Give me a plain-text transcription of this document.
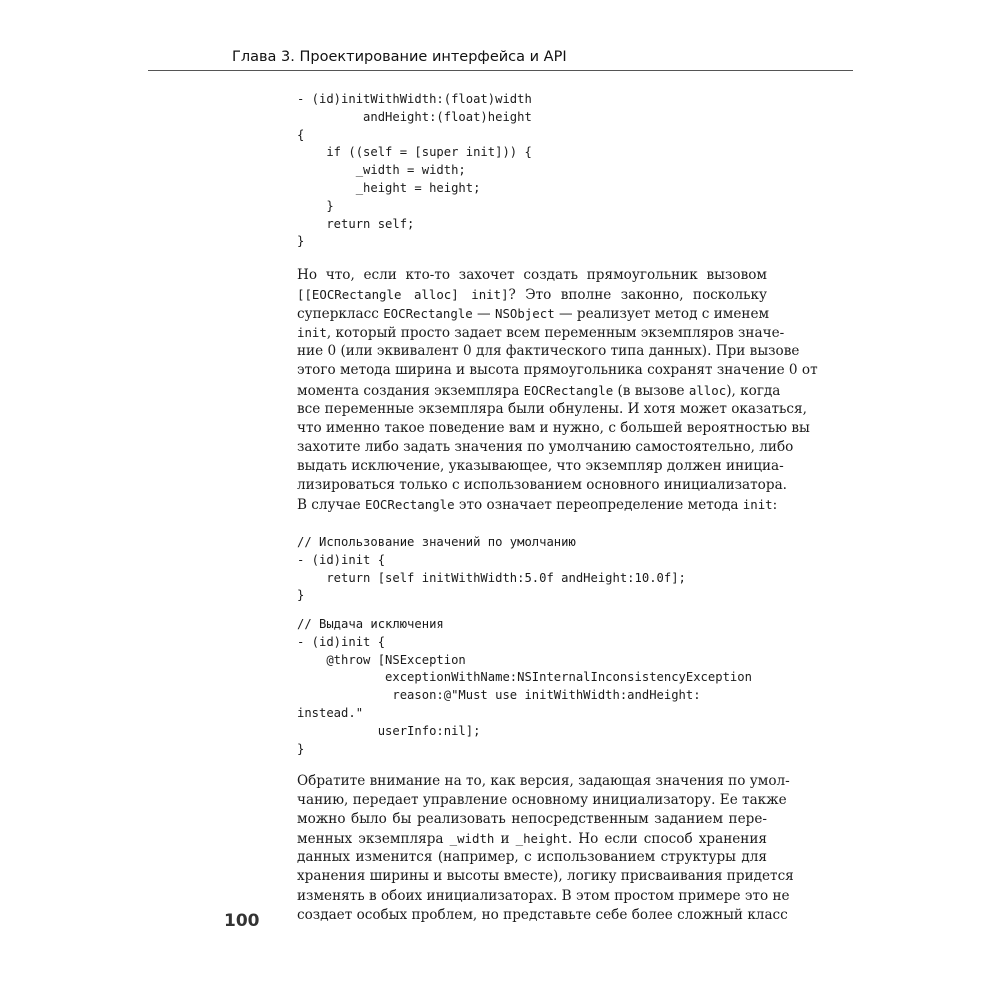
Глава 3. Проектирование интерфейса и API
- (id)initWithWidth:(float)width
andHeight:(float)height
{
if ((self = [super init])) {
_width = width;
_height = height;
}
return self;
}
Но что, если кто-то захочет создать прямоугольник вызовом
[[EOCRectangle alloc] init]? Это вполне законно, поскольку
суперкласс EOCRectangle — NSObject — реализует метод с именем
init, который просто задает всем переменным экземпляров значе-
ние 0 (или эквивалент 0 для фактического типа данных). При вызове
этого метода ширина и высота прямоугольника сохранят значение 0 от
момента создания экземпляра EOCRectangle (в вызове alloc), когда
все переменные экземпляра были обнулены. И хотя может оказаться,
что именно такое поведение вам и нужно, с большей вероятностью вы
захотите либо задать значения по умолчанию самостоятельно, либо
выдать исключение, указывающее, что экземпляр должен инициа-
лизироваться только с использованием основного инициализатора.
В случае EOCRectangle это означает переопределение метода init:
// Использование значений по умолчанию
- (id)init {
return [self initWithWidth:5.0f andHeight:10.0f];
}
// Выдача исключения
- (id)init {
@throw [NSException
exceptionWithName:NSInternalInconsistencyException
reason:@"Must use initWithWidth:andHeight:
instead."
userInfo:nil];
}
Обратите внимание на то, как версия, задающая значения по умол-
чанию, передает управление основному инициализатору. Ее также
можно было бы реализовать непосредственным заданием пере-
менных экземпляра _width и _height. Но если способ хранения
данных изменится (например, с использованием структуры для
хранения ширины и высоты вместе), логику присваивания придется
изменять в обоих инициализаторах. В этом простом примере это не
создает особых проблем, но представьте себе более сложный класс
100
